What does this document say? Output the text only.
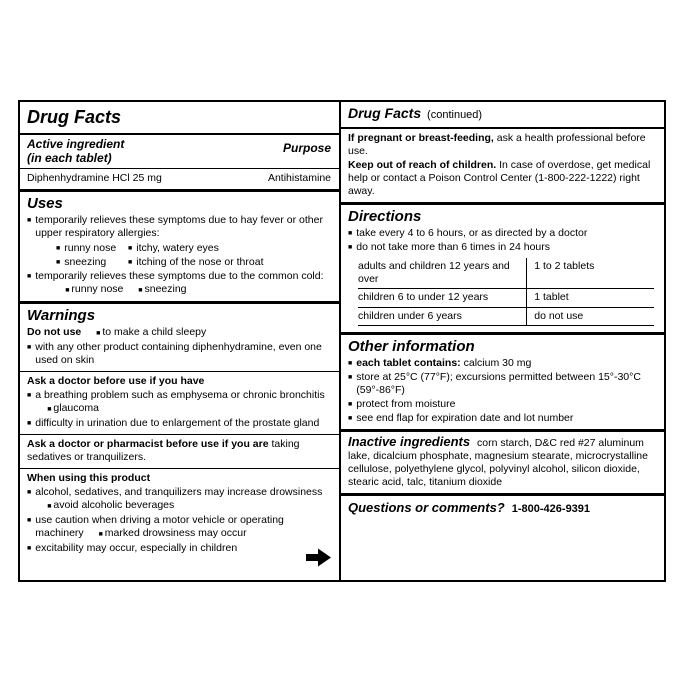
Drug Facts
Active ingredient
(in each tablet)
Purpose
Diphenhydramine HCl 25 mg	Antihistamine
Uses
■ temporarily relieves these symptoms due to hay fever or other upper respiratory allergies:
■ runny nose	■ itchy, watery eyes
■ sneezing	■ itching of the nose or throat
■ temporarily relieves these symptoms due to the common cold: ■ runny nose ■ sneezing
Warnings
Do not use ■ to make a child sleepy
■ with any other product containing diphenhydramine, even one used on skin
Ask a doctor before use if you have
■ a breathing problem such as emphysema or chronic bronchitis ■ glaucoma
■ difficulty in urination due to enlargement of the prostate gland
Ask a doctor or pharmacist before use if you are taking sedatives or tranquilizers.
When using this product
■ alcohol, sedatives, and tranquilizers may increase drowsiness ■ avoid alcoholic beverages
■ use caution when driving a motor vehicle or operating machinery ■ marked drowsiness may occur
■ excitability may occur, especially in children
Drug Facts (continued)
If pregnant or breast-feeding, ask a health professional before use.
Keep out of reach of children. In case of overdose, get medical help or contact a Poison Control Center (1-800-222-1222) right away.
Directions
■ take every 4 to 6 hours, or as directed by a doctor
■ do not take more than 6 times in 24 hours
adults and children 12 years and over	1 to 2 tablets
children 6 to under 12 years	1 tablet
children under 6 years	do not use
Other information
■ each tablet contains: calcium 30 mg
■ store at 25°C (77°F); excursions permitted between 15°-30°C (59°-86°F)
■ protect from moisture
■ see end flap for expiration date and lot number
Inactive ingredients corn starch, D&C red #27 aluminum lake, dicalcium phosphate, magnesium stearate, microcrystalline cellulose, polyethylene glycol, polyvinyl alcohol, silicon dioxide, stearic acid, talc, titanium dioxide
Questions or comments? 1-800-426-9391
